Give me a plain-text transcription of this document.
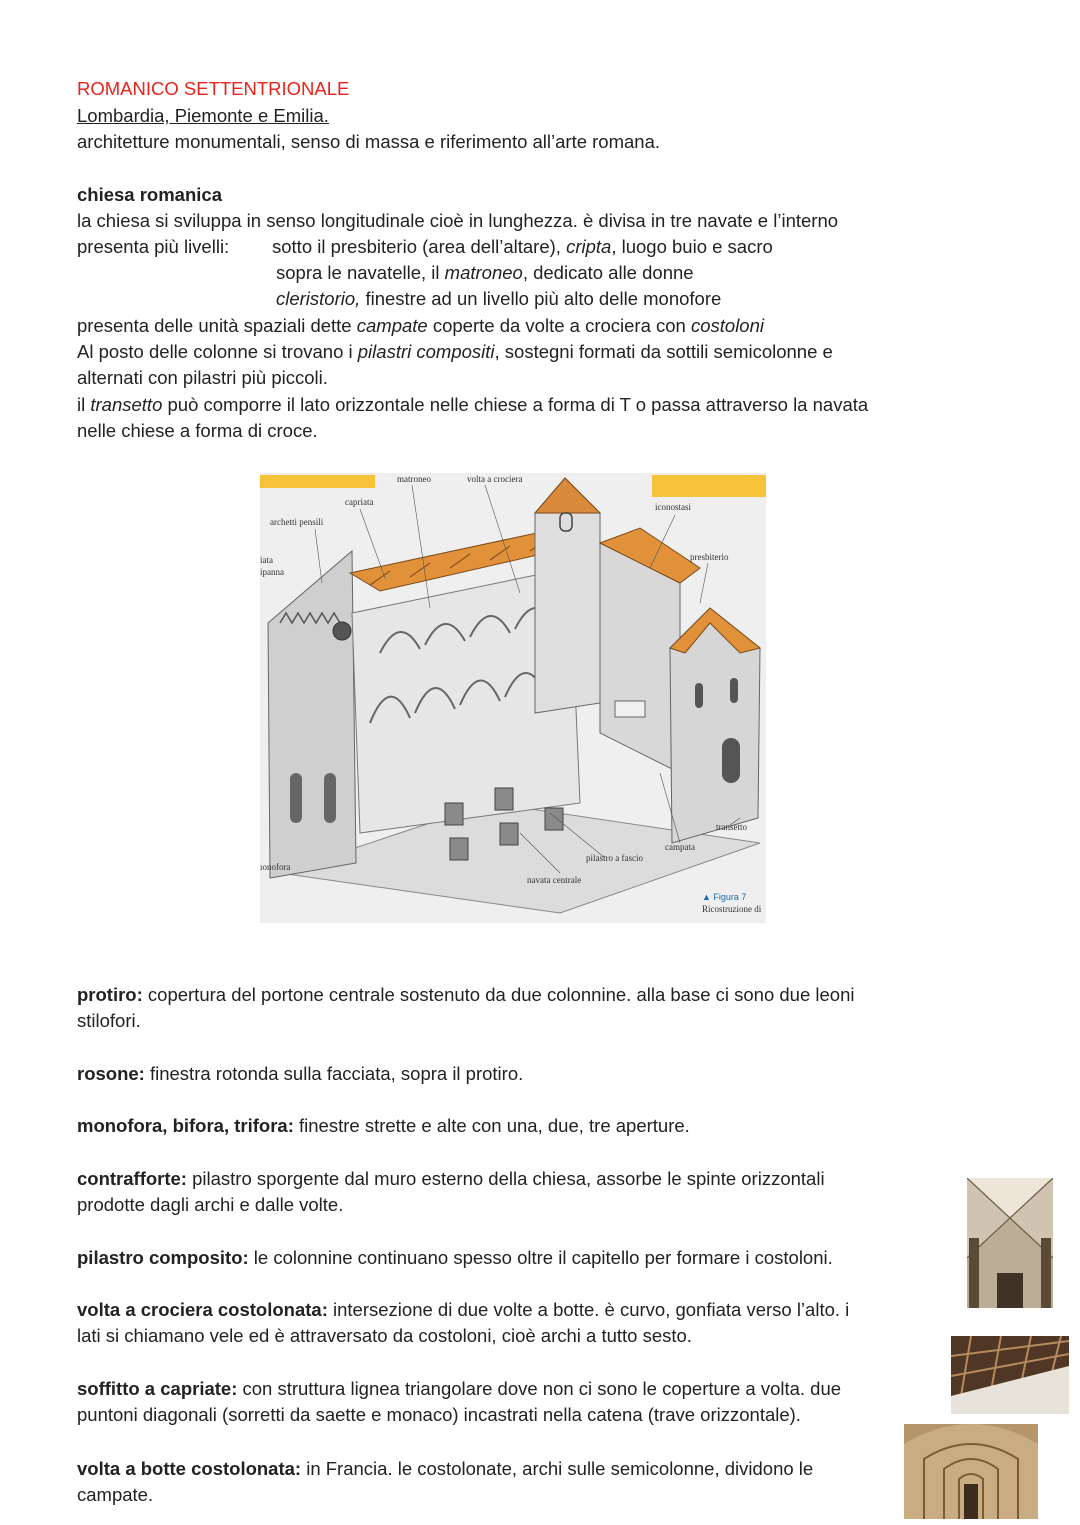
ROMANICO SETTENTRIONALE
Lombardia, Piemonte e Emilia.
architetture monumentali, senso di massa e riferimento all’arte romana.
chiesa romanica
la chiesa si sviluppa in senso longitudinale cioè in lunghezza. è divisa in tre navate e l’interno
presenta più livelli: sotto il presbiterio (area dell’altare), cripta, luogo buio e sacro
sopra le navatelle, il matroneo, dedicato alle donne
cleristorio, finestre ad un livello più alto delle monofore
presenta delle unità spaziali dette campate coperte da volte a crociera con costoloni
Al posto delle colonne si trovano i pilastri compositi, sostegni formati da sottili semicolonne e
alternati con pilastri più piccoli.
il transetto può comporre il lato orizzontale nelle chiese a forma di T o passa attraverso la navata
nelle chiese a forma di croce.
matroneo	volta a crociera
capriata
archetti pensili
iata
ipanna
iconostasi
presbiterio
transetto
campata
pilastro a fascio
navata centrale
ıonofora
▲ Figura 7
Ricostruzione di
protiro: copertura del portone centrale sostenuto da due colonnine. alla base ci sono due leoni
stilofori.
rosone: finestra rotonda sulla facciata, sopra il protiro.
monofora, bifora, trifora: finestre strette e alte con una, due, tre aperture.
contrafforte: pilastro sporgente dal muro esterno della chiesa, assorbe le spinte orizzontali
prodotte dagli archi e dalle volte.
pilastro composito: le colonnine continuano spesso oltre il capitello per formare i costoloni.
volta a crociera costolonata: intersezione di due volte a botte. è curvo, gonfiata verso l’alto. i
lati si chiamano vele ed è attraversato da costoloni, cioè archi a tutto sesto.
soffitto a capriate: con struttura lignea triangolare dove non ci sono le coperture a volta. due
puntoni diagonali (sorretti da saette e monaco) incastrati nella catena (trave orizzontale).
volta a botte costolonata: in Francia. le costolonate, archi sulle semicolonne, dividono le
campate.
